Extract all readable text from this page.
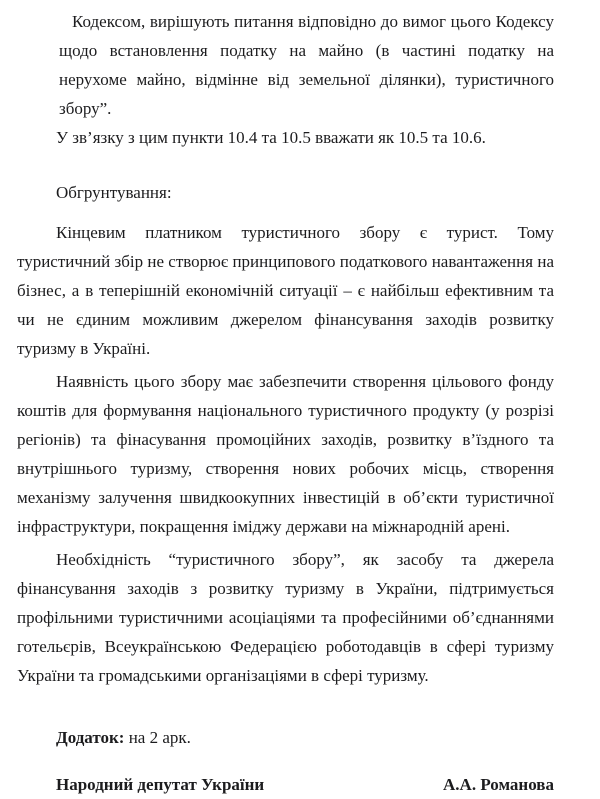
Кодексом, вирішують питання відповідно до вимог цього Кодексу щодо встановлення податку на майно (в частині податку на нерухоме майно, відмінне від земельної ділянки), туристичного збору”.

У зв’язку з цим пункти 10.4 та 10.5 вважати як 10.5 та 10.6.

Обгрунтування:

Кінцевим платником туристичного збору є турист. Тому туристичний збір не створює принципового податкового навантаження на бізнес, а в теперішній економічній ситуації – є найбільш ефективним та чи не єдиним можливим джерелом фінансування заходів розвитку туризму в Україні.

Наявність цього збору має забезпечити створення цільового фонду коштів для формування національного туристичного продукту (у розрізі регіонів) та фінасування промоційних заходів, розвитку в’їздного та внутрішнього туризму, створення нових робочих місць, створення механізму залучення швидкоокупних інвестицій в об’єкти туристичної інфраструктури, покращення іміджу держави на міжнародній арені.

Необхідність “туристичного збору”, як засобу та джерела фінансування заходів з розвитку туризму в України, підтримується профільними туристичними асоціаціями та професійними об’єднаннями готельєрів, Всеукраїнською Федерацією роботодавців в сфері туризму України та громадськими організаціями в сфері туризму.

Додаток: на 2 арк.

Народний депутат України	А.А. Романова
